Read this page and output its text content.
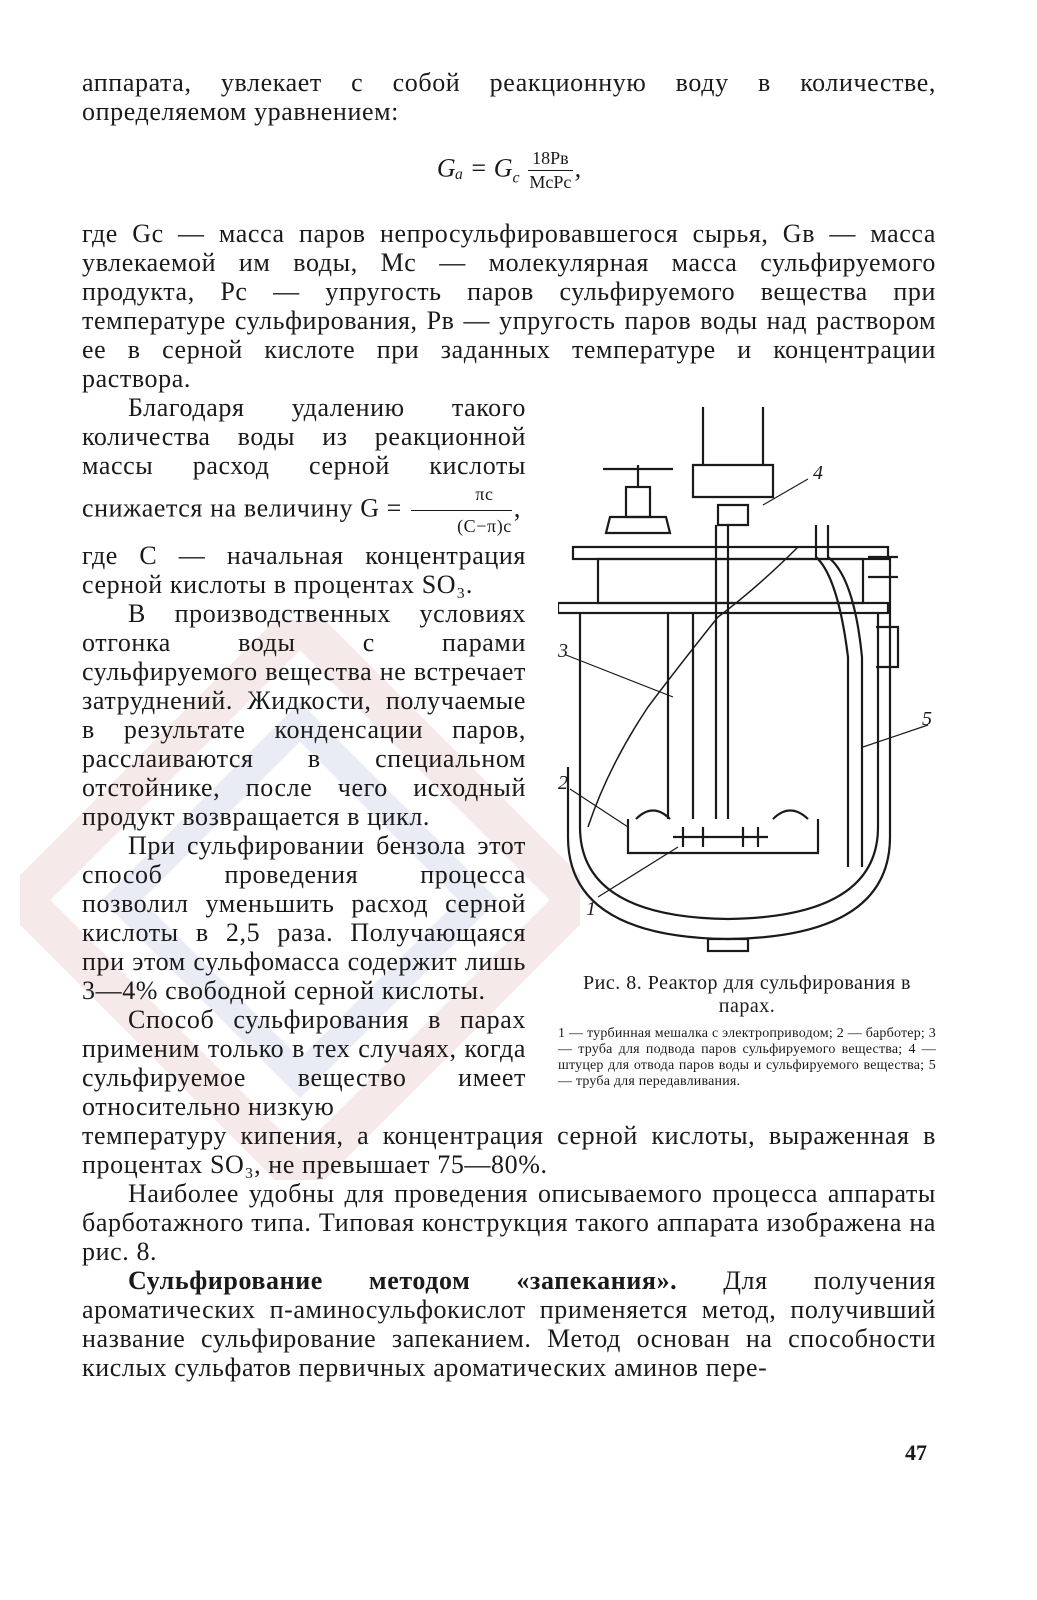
аппарата, увлекает с собой реакционную воду в количестве, определяемом уравнением:

$G_a = G_с \frac{18Pв}{\text{MсPс}}$ ,

где Gс — масса паров непросульфировавшегося сырья, Gв — масса увлекаемой им воды, Mс — молекулярная масса сульфируемого продукта, Pс — упругость паров сульфируемого вещества при температуре сульфирования, Pв — упругость паров воды над раствором ее в серной кислоте при заданных температуре и концентрации раствора.

Благодаря удалению такого количества воды из реакционной массы расход серной кислоты снижается на величину $G = \frac{\pi с}{(C-\pi)с}$ ,

где C — начальная концентрация серной кислоты в процентах SO₃.

В производственных условиях отгонка воды с парами сульфируемого вещества не встречает затруднений. Жидкости, получаемые в результате конденсации паров, расслаиваются в специальном отстойнике, после чего исходный продукт возвращается в цикл.

При сульфировании бензола этот способ проведения процесса позволил уменьшить расход серной кислоты в 2,5 раза. Получающаяся при этом сульфомасса содержит лишь 3—4% свободной серной кислоты.

Способ сульфирования в парах применим только в тех случаях, когда сульфируемое вещество имеет относительно низкую

4
3
2
1
5
Рис. 8. Реактор для сульфирования в парах.
1 — турбинная мешалка с электроприводом; 2 — барботер; 3 — труба для подвода паров сульфируемого вещества; 4 — штуцер для отвода паров воды и сульфируемого вещества; 5 — труба для передавливания.

температуру кипения, а концентрация серной кислоты, выраженная в процентах SO₃, не превышает 75—80%.

Наиболее удобны для проведения описываемого процесса аппараты барботажного типа. Типовая конструкция такого аппарата изображена на рис. 8.

Сульфирование методом «запекания». Для получения ароматических п-аминосульфокислот применяется метод, получивший название сульфирование запеканием. Метод основан на способности кислых сульфатов первичных ароматических аминов пере-

47
